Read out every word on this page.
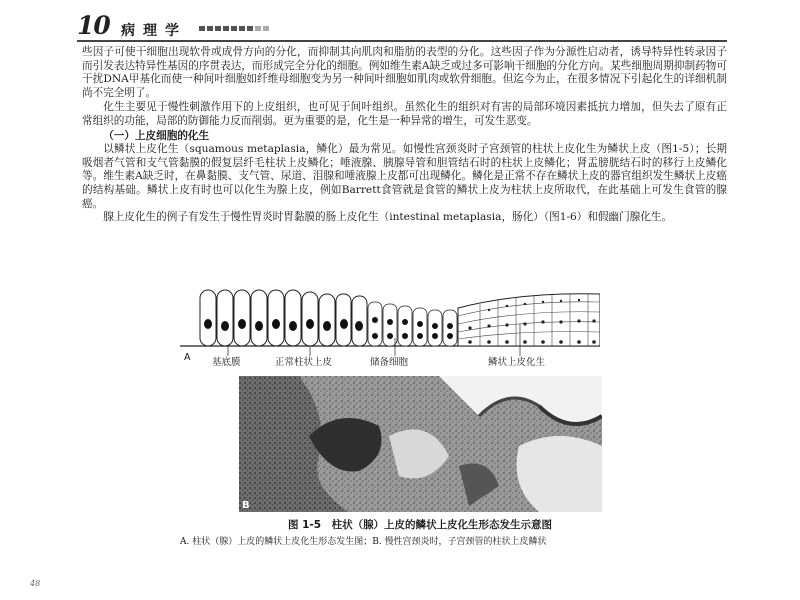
10 病理学

些因子可使干细胞出现软骨或成骨方向的分化，而抑制其向肌肉和脂肪的表型的分化。这些因子作为分源性启动者，诱导特异性转录因子而引发表达特异性基因的序贯表达，而形成完全分化的细胞。例如维生素A缺乏或过多可影响干细胞的分化方向。某些细胞周期抑制药物可干扰DNA甲基化而使一种间叶细胞如纤维母细胞变为另一种间叶细胞如肌肉或软骨细胞。但迄今为止，在很多情况下引起化生的详细机制尚不完全明了。

化生主要见于慢性刺激作用下的上皮组织，也可见于间叶组织。虽然化生的组织对有害的局部环境因素抵抗力增加，但失去了原有正常组织的功能，局部的防御能力反而削弱。更为重要的是，化生是一种异常的增生，可发生恶变。

（一）上皮细胞的化生

以鳞状上皮化生（squamous metaplasia，鳞化）最为常见。如慢性宫颈炎时子宫颈管的柱状上皮化生为鳞状上皮（图1-5）；长期吸烟者气管和支气管黏膜的假复层纤毛柱状上皮鳞化；唾液腺、胰腺导管和胆管结石时的柱状上皮鳞化；肾盂膀胱结石时的移行上皮鳞化等。维生素A缺乏时，在鼻黏膜、支气管、尿道、泪腺和唾液腺上皮都可出现鳞化。鳞化是正常不存在鳞状上皮的器官组织发生鳞状上皮癌的结构基础。鳞状上皮有时也可以化生为腺上皮，例如Barrett食管就是食管的鳞状上皮为柱状上皮所取代，在此基础上可发生食管的腺癌。

腺上皮化生的例子有发生于慢性胃炎时胃黏膜的肠上皮化生（intestinal metaplasia，肠化）（图1-6）和假幽门腺化生。

A 基底膜	正常柱状上皮	储备细胞	鳞状上皮化生
B
图 1-5　柱状（腺）上皮的鳞状上皮化生形态发生示意图
A. 柱状（腺）上皮的鳞状上皮化生形态发生图；B. 慢性宫颈炎时，子宫颈管的柱状上皮鳞状
48
